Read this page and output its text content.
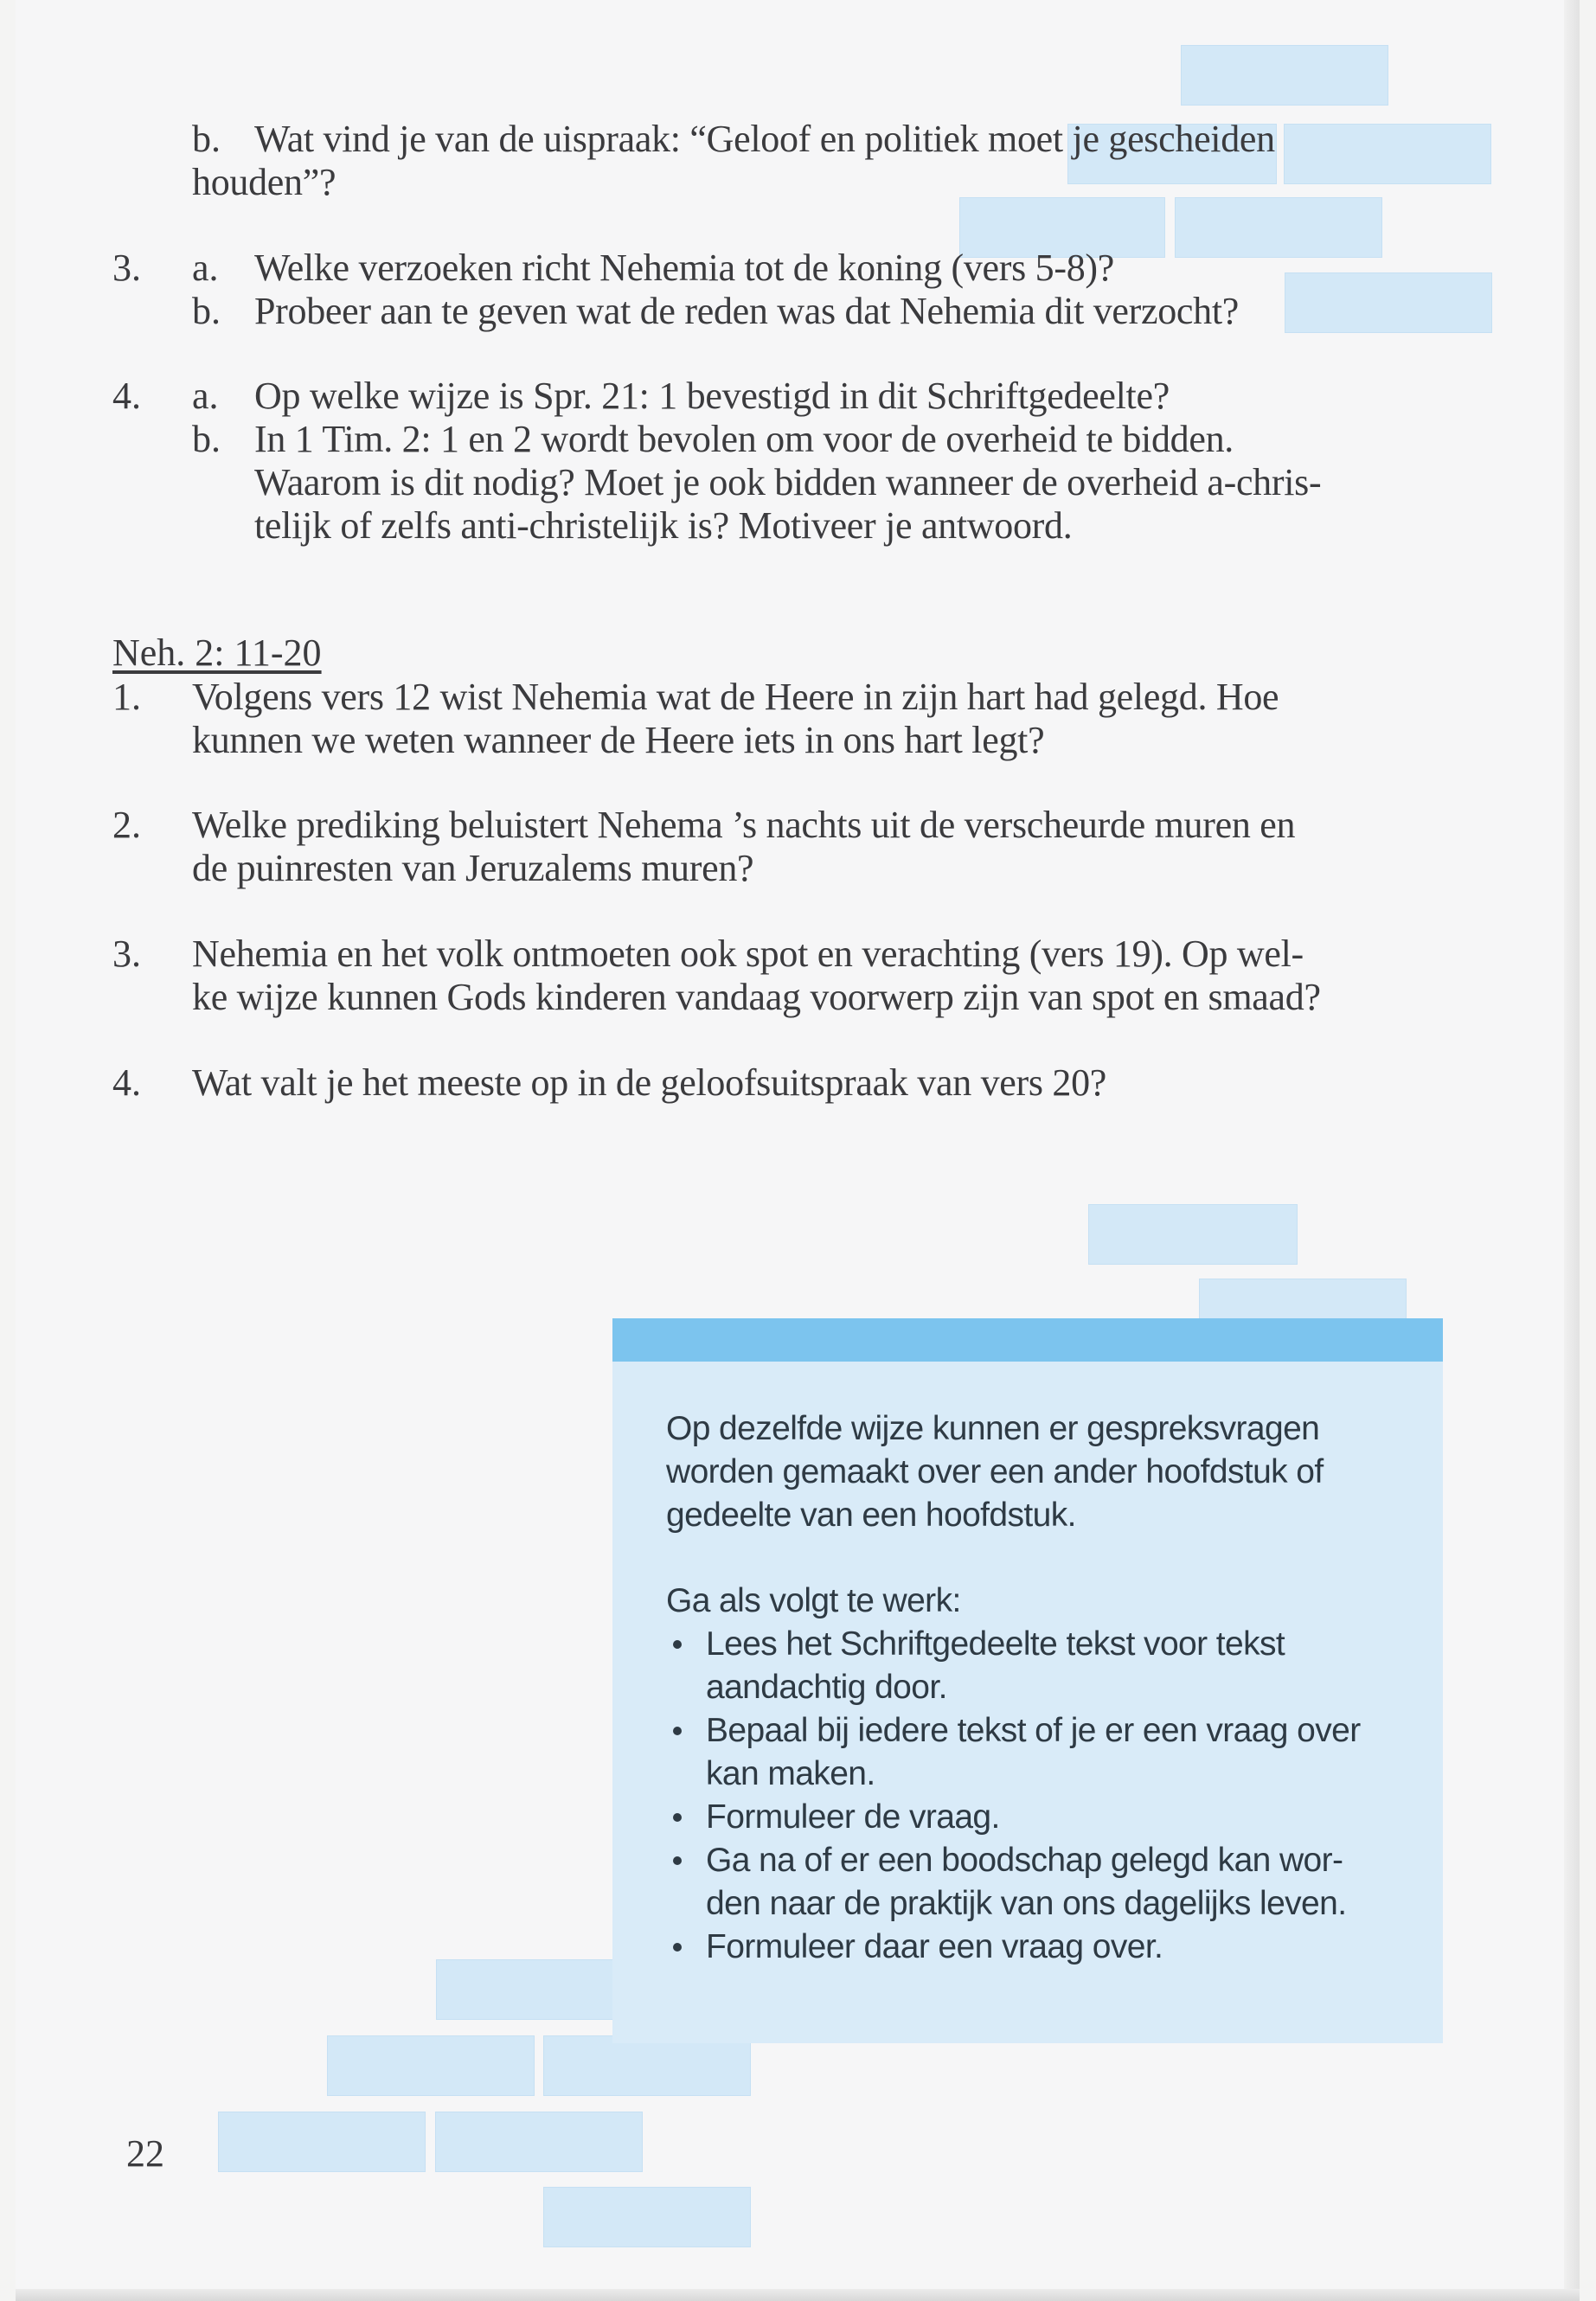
b. Wat vind je van de uispraak: “Geloof en politiek moet je gescheiden
houden”?
3. a. Welke verzoeken richt Nehemia tot de koning (vers 5-8)?
b. Probeer aan te geven wat de reden was dat Nehemia dit verzocht?
4. a. Op welke wijze is Spr. 21: 1 bevestigd in dit Schriftgedeelte?
b. In 1 Tim. 2: 1 en 2 wordt bevolen om voor de overheid te bidden.
Waarom is dit nodig? Moet je ook bidden wanneer de overheid a-chris-
telijk of zelfs anti-christelijk is? Motiveer je antwoord.
Neh. 2: 11-20
1. Volgens vers 12 wist Nehemia wat de Heere in zijn hart had gelegd. Hoe
kunnen we weten wanneer de Heere iets in ons hart legt?
2. Welke prediking beluistert Nehema ’s nachts uit de verscheurde muren en
de puinresten van Jeruzalems muren?
3. Nehemia en het volk ontmoeten ook spot en verachting (vers 19). Op wel-
ke wijze kunnen Gods kinderen vandaag voorwerp zijn van spot en smaad?
4. Wat valt je het meeste op in de geloofsuitspraak van vers 20?
Op dezelfde wijze kunnen er gespreksvragen
worden gemaakt over een ander hoofdstuk of
gedeelte van een hoofdstuk.
Ga als volgt te werk:
Lees het Schriftgedeelte tekst voor tekst
aandachtig door.
Bepaal bij iedere tekst of je er een vraag over
kan maken.
Formuleer de vraag.
Ga na of er een boodschap gelegd kan wor-
den naar de praktijk van ons dagelijks leven.
Formuleer daar een vraag over.
22
